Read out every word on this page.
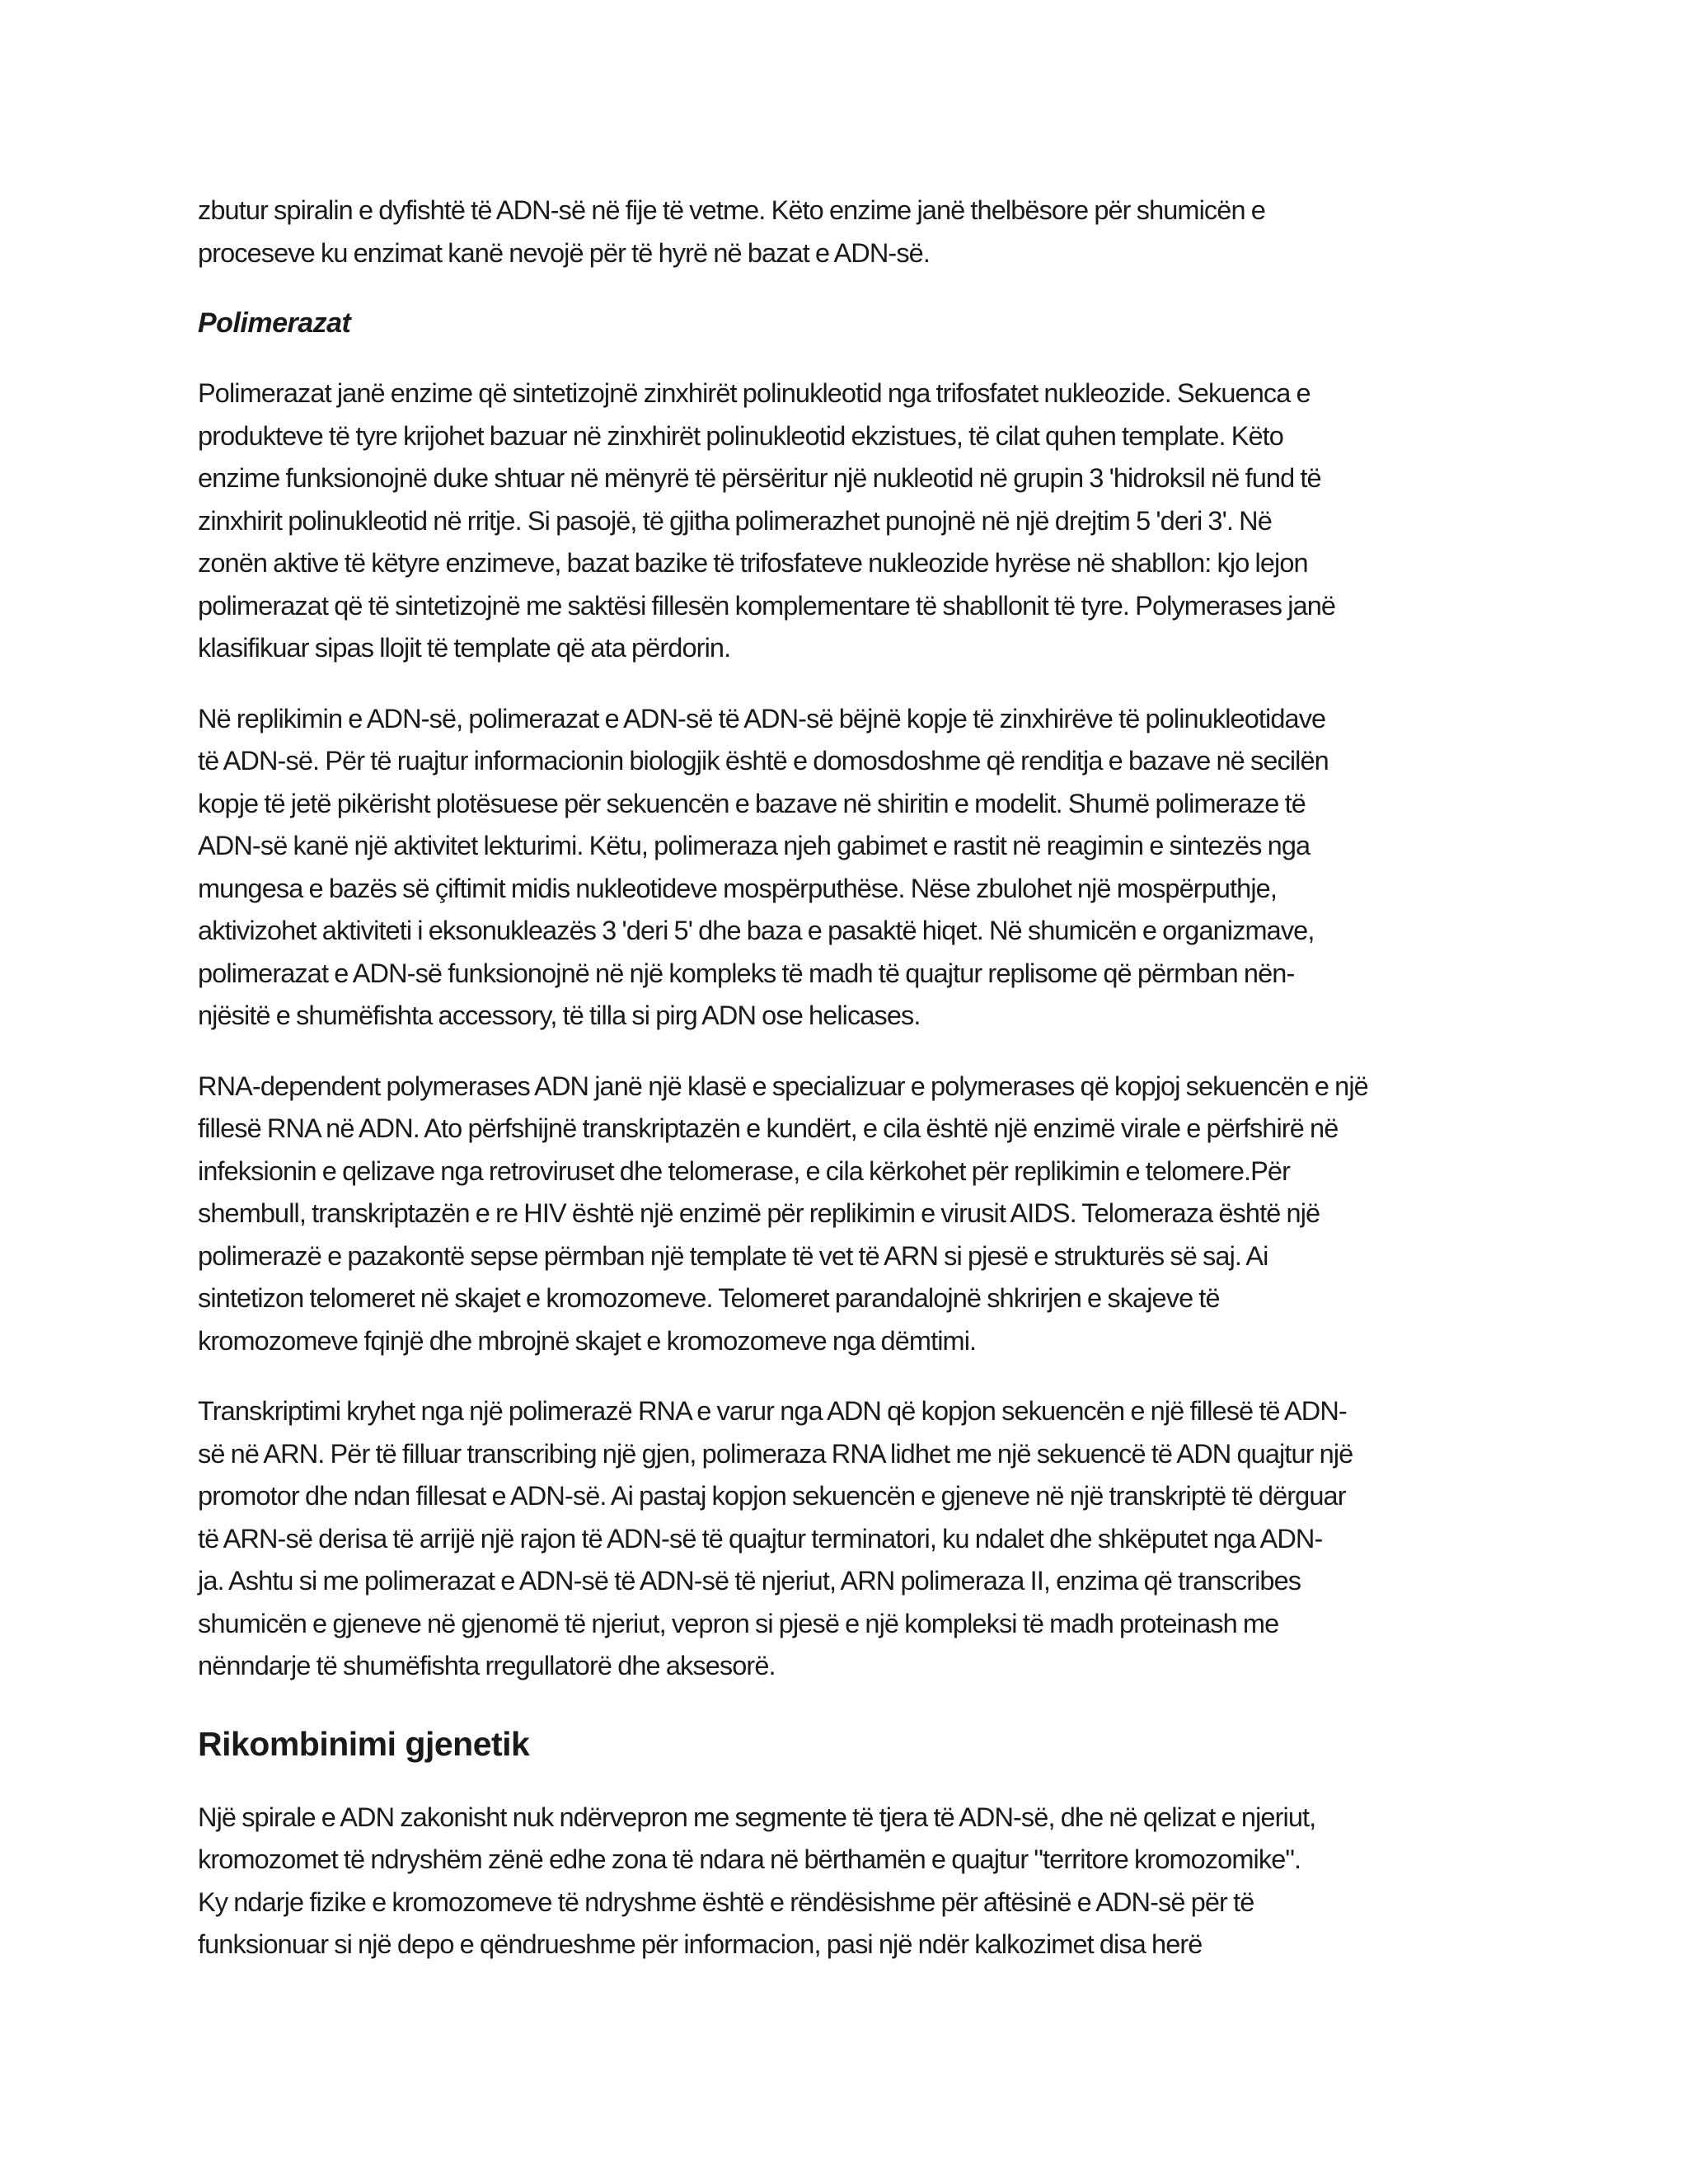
zbutur spiralin e dyfishtë të ADN-së në fije të vetme. Këto enzime janë thelbësore për shumicën e
proceseve ku enzimat kanë nevojë për të hyrë në bazat e ADN-së.

Polimerazat

Polimerazat janë enzime që sintetizojnë zinxhirët polinukleotid nga trifosfatet nukleozide. Sekuenca e
produkteve të tyre krijohet bazuar në zinxhirët polinukleotid ekzistues, të cilat quhen template. Këto
enzime funksionojnë duke shtuar në mënyrë të përsëritur një nukleotid në grupin 3 'hidroksil në fund të
zinxhirit polinukleotid në rritje. Si pasojë, të gjitha polimerazhet punojnë në një drejtim 5 'deri 3'. Në
zonën aktive të këtyre enzimeve, bazat bazike të trifosfateve nukleozide hyrëse në shabllon: kjo lejon
polimerazat që të sintetizojnë me saktësi fillesën komplementare të shabllonit të tyre. Polymerases janë
klasifikuar sipas llojit të template që ata përdorin.

Në replikimin e ADN-së, polimerazat e ADN-së të ADN-së bëjnë kopje të zinxhirëve të polinukleotidave
të ADN-së. Për të ruajtur informacionin biologjik është e domosdoshme që renditja e bazave në secilën
kopje të jetë pikërisht plotësuese për sekuencën e bazave në shiritin e modelit. Shumë polimeraze të
ADN-së kanë një aktivitet lekturimi. Këtu, polimeraza njeh gabimet e rastit në reagimin e sintezës nga
mungesa e bazës së çiftimit midis nukleotideve mospërputhëse. Nëse zbulohet një mospërputhje,
aktivizohet aktiviteti i eksonukleazës 3 'deri 5' dhe baza e pasaktë hiqet. Në shumicën e organizmave,
polimerazat e ADN-së funksionojnë në një kompleks të madh të quajtur replisome që përmban nën-
njësitë e shumëfishta accessory, të tilla si pirg ADN ose helicases.

RNA-dependent polymerases ADN janë një klasë e specializuar e polymerases që kopjoj sekuencën e një
fillesë RNA në ADN. Ato përfshijnë transkriptazën e kundërt, e cila është një enzimë virale e përfshirë në
infeksionin e qelizave nga retroviruset dhe telomerase, e cila kërkohet për replikimin e telomere.Për
shembull, transkriptazën e re HIV është një enzimë për replikimin e virusit AIDS. Telomeraza është një
polimerazë e pazakontë sepse përmban një template të vet të ARN si pjesë e strukturës së saj. Ai
sintetizon telomeret në skajet e kromozomeve. Telomeret parandalojnë shkrirjen e skajeve të
kromozomeve fqinjë dhe mbrojnë skajet e kromozomeve nga dëmtimi.

Transkriptimi kryhet nga një polimerazë RNA e varur nga ADN që kopjon sekuencën e një fillesë të ADN-
së në ARN. Për të filluar transcribing një gjen, polimeraza RNA lidhet me një sekuencë të ADN quajtur një
promotor dhe ndan fillesat e ADN-së. Ai pastaj kopjon sekuencën e gjeneve në një transkriptë të dërguar
të ARN-së derisa të arrijë një rajon të ADN-së të quajtur terminatori, ku ndalet dhe shkëputet nga ADN-
ja. Ashtu si me polimerazat e ADN-së të ADN-së të njeriut, ARN polimeraza II, enzima që transcribes
shumicën e gjeneve në gjenomë të njeriut, vepron si pjesë e një kompleksi të madh proteinash me
nënndarje të shumëfishta rregullatorë dhe aksesorë.

Rikombinimi gjenetik

Një spirale e ADN zakonisht nuk ndërvepron me segmente të tjera të ADN-së, dhe në qelizat e njeriut,
kromozomet të ndryshëm zënë edhe zona të ndara në bërthamën e quajtur "territore kromozomike".
Ky ndarje fizike e kromozomeve të ndryshme është e rëndësishme për aftësinë e ADN-së për të
funksionuar si një depo e qëndrueshme për informacion, pasi një ndër kalkozimet disa herë
